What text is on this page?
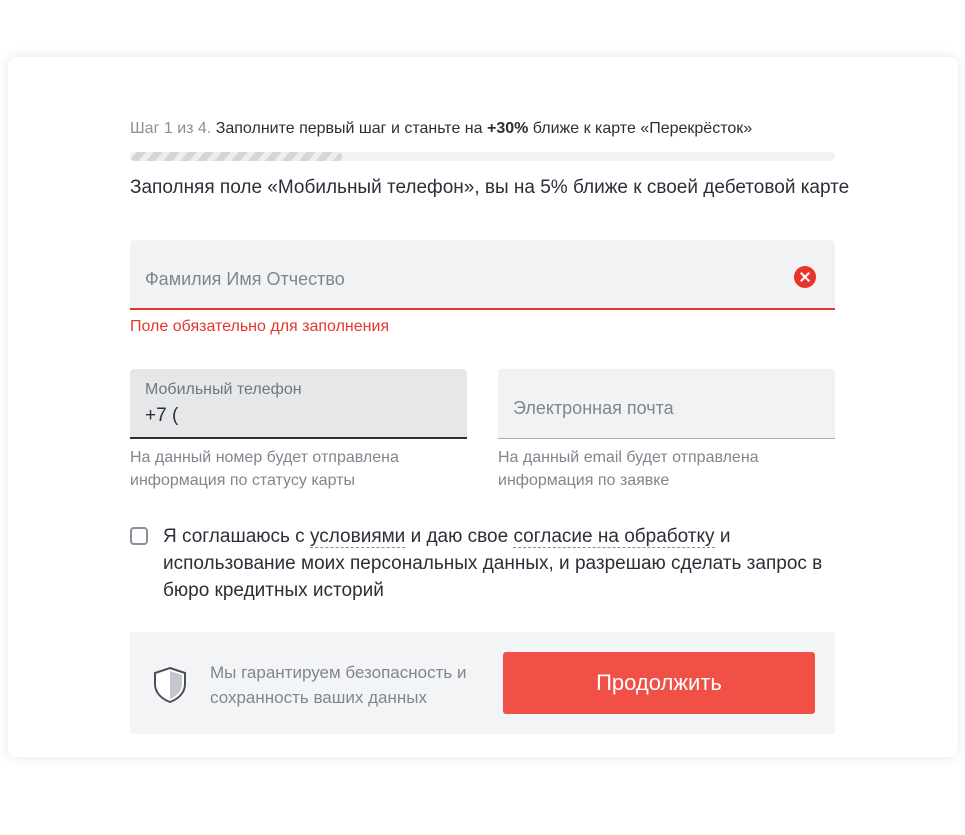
Шаг 1 из 4. Заполните первый шаг и станьте на +30% ближе к карте «Перекрёсток»
Заполняя поле «Мобильный телефон», вы на 5% ближе к своей дебетовой карте
Фамилия Имя Отчество
Поле обязательно для заполнения
Мобильный телефон
+7 (
На данный номер будет отправлена информация по статусу карты
Электронная почта
На данный email будет отправлена информация по заявке
Я соглашаюсь с условиями и даю свое согласие на обработку и использование моих персональных данных, и разрешаю сделать запрос в бюро кредитных историй
Мы гарантируем безопасность и сохранность ваших данных
Продолжить
